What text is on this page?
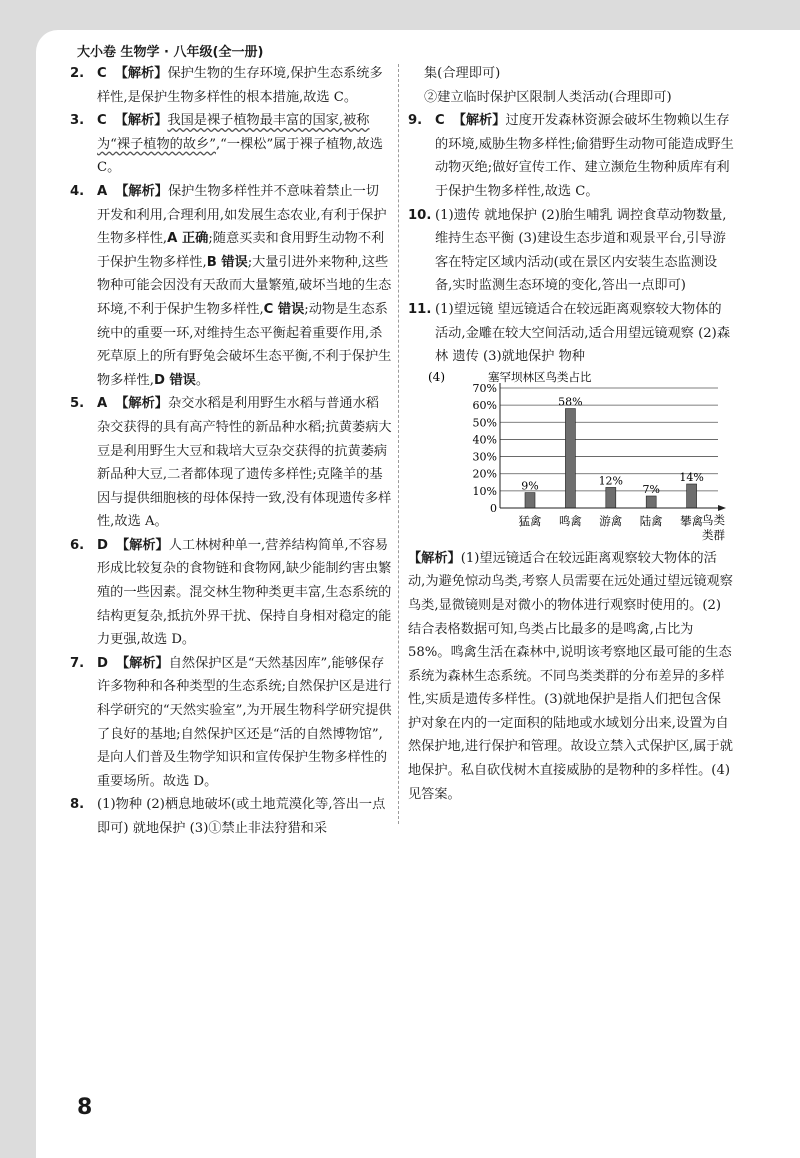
大小卷 生物学 · 八年级(全一册)
2. C 【解析】保护生物的生存环境,保护生态系统多样性,是保护生物多样性的根本措施,故选 C。
3. C 【解析】我国是裸子植物最丰富的国家,被称为“裸子植物的故乡”,“一棵松”属于裸子植物,故选 C。
4. A 【解析】保护生物多样性并不意味着禁止一切开发和利用,合理利用,如发展生态农业,有利于保护生物多样性,A 正确;随意买卖和食用野生动物不利于保护生物多样性,B 错误;大量引进外来物种,这些物种可能会因没有天敌而大量繁殖,破坏当地的生态环境,不利于保护生物多样性,C 错误;动物是生态系统中的重要一环,对维持生态平衡起着重要作用,杀死草原上的所有野兔会破坏生态平衡,不利于保护生物多样性,D 错误。
5. A 【解析】杂交水稻是利用野生水稻与普通水稻杂交获得的具有高产特性的新品种水稻;抗黄萎病大豆是利用野生大豆和栽培大豆杂交获得的抗黄萎病新品种大豆,二者都体现了遗传多样性;克隆羊的基因与提供细胞核的母体保持一致,没有体现遗传多样性,故选 A。
6. D 【解析】人工林树种单一,营养结构简单,不容易形成比较复杂的食物链和食物网,缺少能制约害虫繁殖的一些因素。混交林生物种类更丰富,生态系统的结构更复杂,抵抗外界干扰、保持自身相对稳定的能力更强,故选 D。
7. D 【解析】自然保护区是“天然基因库”,能够保存许多物种和各种类型的生态系统;自然保护区是进行科学研究的“天然实验室”,为开展生物科学研究提供了良好的基地;自然保护区还是“活的自然博物馆”,是向人们普及生物学知识和宣传保护生物多样性的重要场所。故选 D。
8. (1)物种 (2)栖息地破坏(或土地荒漠化等,答出一点即可) 就地保护 (3)①禁止非法狩猎和采
集(合理即可)
②建立临时保护区限制人类活动(合理即可)
9. C 【解析】过度开发森林资源会破坏生物赖以生存的环境,威胁生物多样性;偷猎野生动物可能造成野生动物灭绝;做好宣传工作、建立濒危生物种质库有利于保护生物多样性,故选 C。
10. (1)遗传 就地保护 (2)胎生哺乳 调控食草动物数量,维持生态平衡 (3)建设生态步道和观景平台,引导游客在特定区域内活动(或在景区内安装生态监测设备,实时监测生态环境的变化,答出一点即可)
11. (1)望远镜 望远镜适合在较远距离观察较大物体的活动,金雕在较大空间活动,适合用望远镜观察 (2)森林 遗传 (3)就地保护 物种
(4)	塞罕坝林区鸟类占比
0
10%
20%
30%
40%
50%
60%
70%
9%
58%
12%
7%
14%
猛禽 鸣禽 游禽 陆禽 攀禽
鸟类类群
【解析】(1)望远镜适合在较远距离观察较大物体的活动,为避免惊动鸟类,考察人员需要在远处通过望远镜观察鸟类,显微镜则是对微小的物体进行观察时使用的。(2)结合表格数据可知,鸟类占比最多的是鸣禽,占比为 58%。鸣禽生活在森林中,说明该考察地区最可能的生态系统为森林生态系统。不同鸟类类群的分布差异的多样性,实质是遗传多样性。(3)就地保护是指人们把包含保护对象在内的一定面积的陆地或水域划分出来,设置为自然保护地,进行保护和管理。故设立禁入式保护区,属于就地保护。私自砍伐树木直接威胁的是物种的多样性。(4)见答案。
8
